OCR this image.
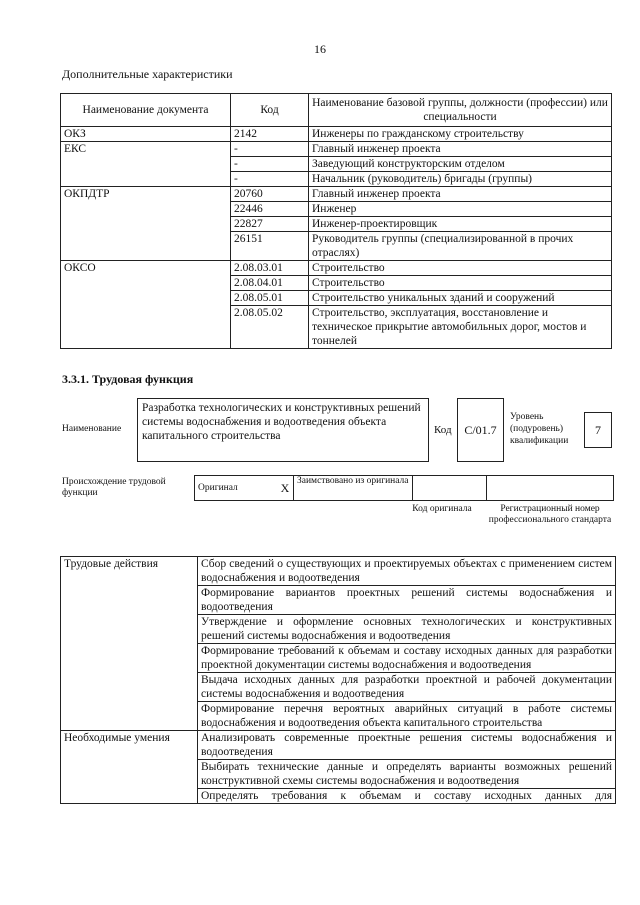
16
Дополнительные характеристики
Наименование документа	Код	Наименование базовой группы, должности (профессии) или специальности
ОКЗ	2142	Инженеры по гражданскому строительству
ЕКС	-	Главный инженер проекта
	-	Заведующий конструкторским отделом
	-	Начальник (руководитель) бригады (группы)
ОКПДТР	20760	Главный инженер проекта
	22446	Инженер
	22827	Инженер-проектировщик
	26151	Руководитель группы (специализированной в прочих отраслях)
ОКСО	2.08.03.01	Строительство
	2.08.04.01	Строительство
	2.08.05.01	Строительство уникальных зданий и сооружений
	2.08.05.02	Строительство, эксплуатация, восстановление и техническое прикрытие автомобильных дорог, мостов и тоннелей
3.3.1. Трудовая функция
Наименование
Разработка технологических и конструктивных решений системы водоснабжения и водоотведения объекта капитального строительства	Код	C/01.7
Уровень (подуровень) квалификации
7
Происхождение трудовой функции	Оригинал	X	Заимствовано из оригинала		
Код оригинала	Регистрационный номер профессионального стандарта
Трудовые действия	Сбор сведений о существующих и проектируемых объектах с применением систем водоснабжения и водоотведения
	Формирование вариантов проектных решений системы водоснабжения и водоотведения
	Утверждение и оформление основных технологических и конструктивных решений системы водоснабжения и водоотведения
	Формирование требований к объемам и составу исходных данных для разработки проектной документации системы водоснабжения и водоотведения
	Выдача исходных данных для разработки проектной и рабочей документации системы водоснабжения и водоотведения
	Формирование перечня вероятных аварийных ситуаций в работе системы водоснабжения и водоотведения объекта капитального строительства
Необходимые умения	Анализировать современные проектные решения системы водоснабжения и водоотведения
	Выбирать технические данные и определять варианты возможных решений конструктивной схемы системы водоснабжения и водоотведения
	Определять требования к объемам и составу исходных данных для
